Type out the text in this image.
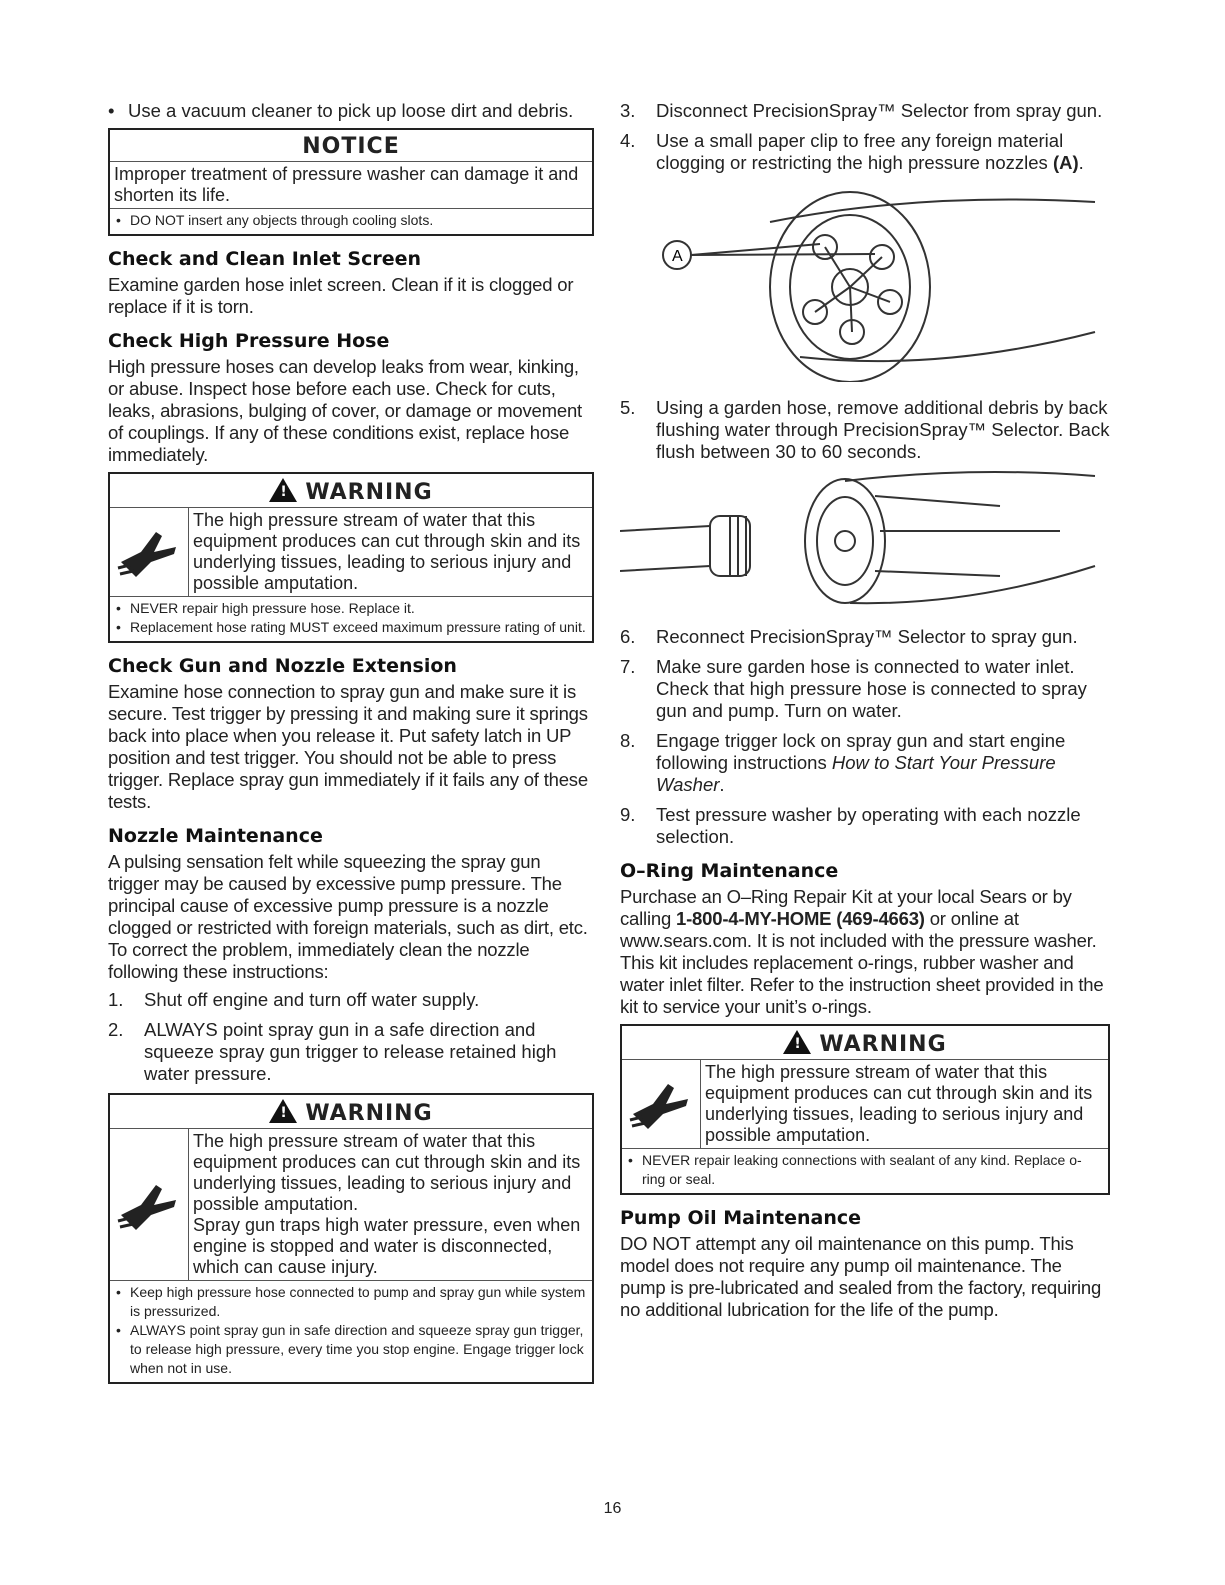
• Use a vacuum cleaner to pick up loose dirt and debris.
NOTICE
Improper treatment of pressure washer can damage it and shorten its life.
• DO NOT insert any objects through cooling slots.
Check and Clean Inlet Screen

Examine garden hose inlet screen. Clean if it is clogged or replace if it is torn.

Check High Pressure Hose

High pressure hoses can develop leaks from wear, kinking, or abuse. Inspect hose before each use. Check for cuts, leaks, abrasions, bulging of cover, or damage or movement of couplings. If any of these conditions exist, replace hose immediately.

!WARNING
The high pressure stream of water that this equipment produces can cut through skin and its underlying tissues, leading to serious injury and possible amputation.
• NEVER repair high pressure hose. Replace it.
• Replacement hose rating MUST exceed maximum pressure rating of unit.
Check Gun and Nozzle Extension

Examine hose connection to spray gun and make sure it is secure. Test trigger by pressing it and making sure it springs back into place when you release it. Put safety latch in UP position and test trigger. You should not be able to press trigger. Replace spray gun immediately if it fails any of these tests.

Nozzle Maintenance

A pulsing sensation felt while squeezing the spray gun trigger may be caused by excessive pump pressure. The principal cause of excessive pump pressure is a nozzle clogged or restricted with foreign materials, such as dirt, etc. To correct the problem, immediately clean the nozzle following these instructions:

1. Shut off engine and turn off water supply.
2. ALWAYS point spray gun in a safe direction and squeeze spray gun trigger to release retained high water pressure.
!WARNING
The high pressure stream of water that this equipment produces can cut through skin and its underlying tissues, leading to serious injury and possible amputation.
Spray gun traps high water pressure, even when engine is stopped and water is disconnected, which can cause injury.
• Keep high pressure hose connected to pump and spray gun while system is pressurized.
• ALWAYS point spray gun in safe direction and squeeze spray gun trigger, to release high pressure, every time you stop engine. Engage trigger lock when not in use.
3. Disconnect PrecisionSpray™ Selector from spray gun.
4. Use a small paper clip to free any foreign material clogging or restricting the high pressure nozzles (A).
A
5. Using a garden hose, remove additional debris by back flushing water through PrecisionSpray™ Selector. Back flush between 30 to 60 seconds.
6. Reconnect PrecisionSpray™ Selector to spray gun.
7. Make sure garden hose is connected to water inlet. Check that high pressure hose is connected to spray gun and pump. Turn on water.
8. Engage trigger lock on spray gun and start engine following instructions How to Start Your Pressure Washer.
9. Test pressure washer by operating with each nozzle selection.
O–Ring Maintenance

Purchase an O–Ring Repair Kit at your local Sears or by calling 1-800-4-MY-HOME (469-4663) or online at www.sears.com. It is not included with the pressure washer. This kit includes replacement o-rings, rubber washer and water inlet filter. Refer to the instruction sheet provided in the kit to service your unit’s o-rings.

!WARNING
The high pressure stream of water that this equipment produces can cut through skin and its underlying tissues, leading to serious injury and possible amputation.
• NEVER repair leaking connections with sealant of any kind. Replace o-ring or seal.
Pump Oil Maintenance

DO NOT attempt any oil maintenance on this pump. This model does not require any pump oil maintenance. The pump is pre-lubricated and sealed from the factory, requiring no additional lubrication for the life of the pump.

16
